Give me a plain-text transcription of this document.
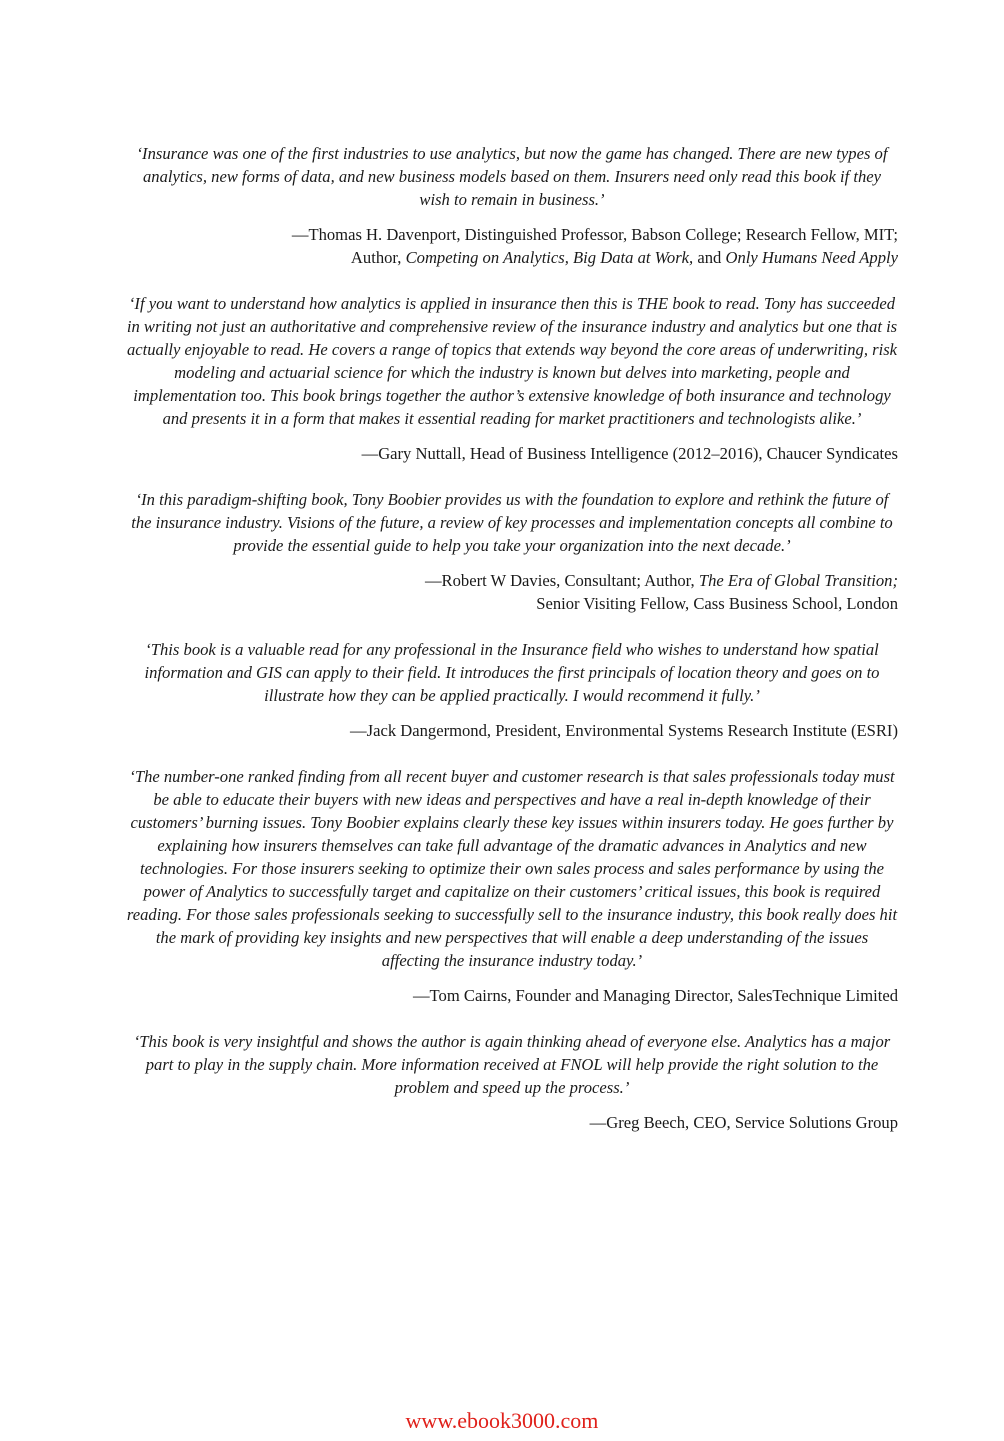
‘Insurance was one of the first industries to use analytics, but now the game has changed. There are new types of analytics, new forms of data, and new business models based on them. Insurers need only read this book if they wish to remain in business.’

—Thomas H. Davenport, Distinguished Professor, Babson College; Research Fellow, MIT;
Author, Competing on Analytics, Big Data at Work, and Only Humans Need Apply

‘If you want to understand how analytics is applied in insurance then this is THE book to read. Tony has succeeded in writing not just an authoritative and comprehensive review of the insurance industry and analytics but one that is actually enjoyable to read. He covers a range of topics that extends way beyond the core areas of underwriting, risk modeling and actuarial science for which the industry is known but delves into marketing, people and implementation too. This book brings together the author’s extensive knowledge of both insurance and technology and presents it in a form that makes it essential reading for market practitioners and technologists alike.’

—Gary Nuttall, Head of Business Intelligence (2012–2016), Chaucer Syndicates

‘In this paradigm-shifting book, Tony Boobier provides us with the foundation to explore and rethink the future of the insurance industry. Visions of the future, a review of key processes and implementation concepts all combine to provide the essential guide to help you take your organization into the next decade.’

—Robert W Davies, Consultant; Author, The Era of Global Transition;
Senior Visiting Fellow, Cass Business School, London

‘This book is a valuable read for any professional in the Insurance field who wishes to understand how spatial information and GIS can apply to their field. It introduces the first principals of location theory and goes on to illustrate how they can be applied practically. I would recommend it fully.’

—Jack Dangermond, President, Environmental Systems Research Institute (ESRI)

‘The number-one ranked finding from all recent buyer and customer research is that sales professionals today must be able to educate their buyers with new ideas and perspectives and have a real in-depth knowledge of their customers’ burning issues. Tony Boobier explains clearly these key issues within insurers today. He goes further by explaining how insurers themselves can take full advantage of the dramatic advances in Analytics and new technologies. For those insurers seeking to optimize their own sales process and sales performance by using the power of Analytics to successfully target and capitalize on their customers’ critical issues, this book is required reading. For those sales professionals seeking to successfully sell to the insurance industry, this book really does hit the mark of providing key insights and new perspectives that will enable a deep understanding of the issues affecting the insurance industry today.’

—Tom Cairns, Founder and Managing Director, SalesTechnique Limited

‘This book is very insightful and shows the author is again thinking ahead of everyone else. Analytics has a major part to play in the supply chain. More information received at FNOL will help provide the right solution to the problem and speed up the process.’

—Greg Beech, CEO, Service Solutions Group

www.ebook3000.com
